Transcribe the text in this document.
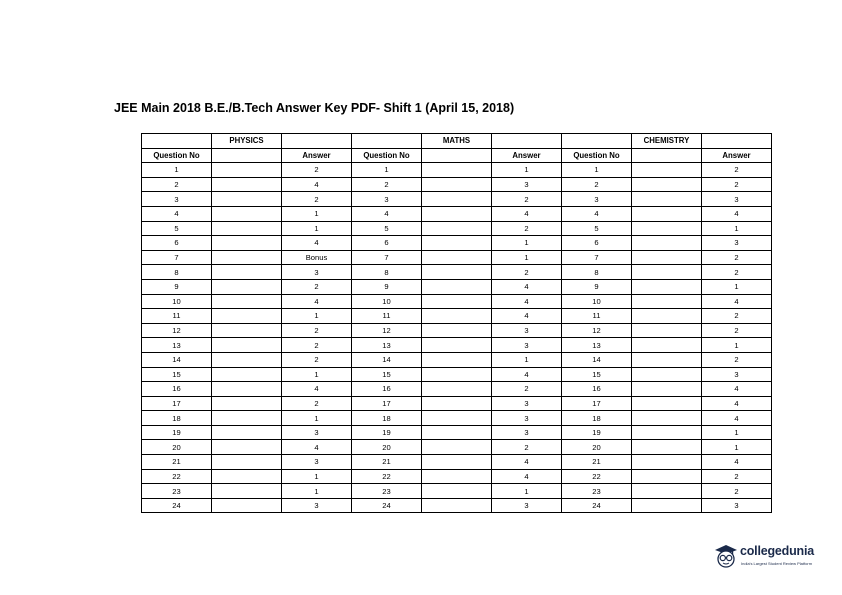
JEE Main 2018 B.E./B.Tech Answer Key PDF- Shift 1 (April 15, 2018)
	PHYSICS			MATHS			CHEMISTRY	
Question No		Answer	Question No		Answer	Question No		Answer
1		2	1		1	1		2
2		4	2		3	2		2
3		2	3		2	3		3
4		1	4		4	4		4
5		1	5		2	5		1
6		4	6		1	6		3
7		Bonus	7		1	7		2
8		3	8		2	8		2
9		2	9		4	9		1
10		4	10		4	10		4
11		1	11		4	11		2
12		2	12		3	12		2
13		2	13		3	13		1
14		2	14		1	14		2
15		1	15		4	15		3
16		4	16		2	16		4
17		2	17		3	17		4
18		1	18		3	18		4
19		3	19		3	19		1
20		4	20		2	20		1
21		3	21		4	21		4
22		1	22		4	22		2
23		1	23		1	23		2
24		3	24		3	24		3
collegedunia
India's Largest Student Review Platform
